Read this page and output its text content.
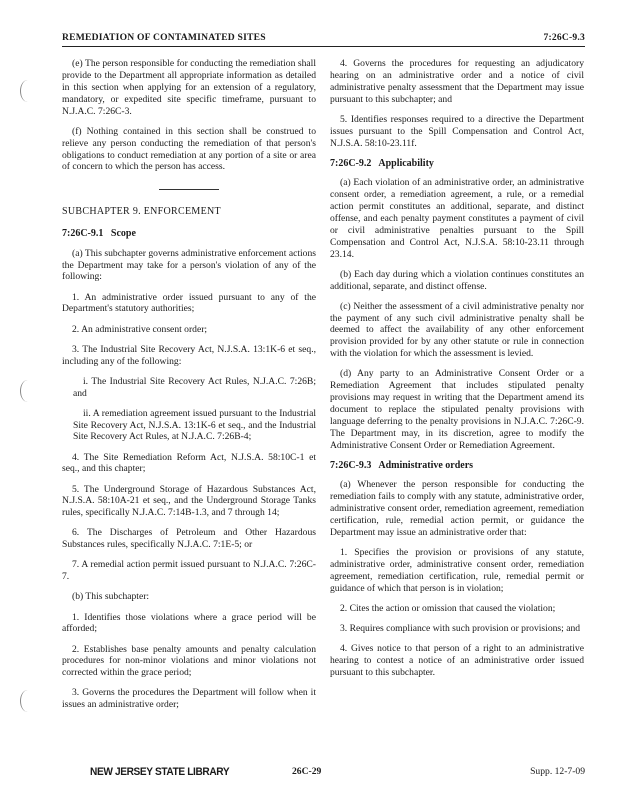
REMEDIATION OF CONTAMINATED SITES	7:26C-9.3

(e) The person responsible for conducting the remediation shall provide to the Department all appropriate information as detailed in this section when applying for an extension of a regulatory, mandatory, or expedited site specific timeframe, pursuant to N.J.A.C. 7:26C-3.

(f) Nothing contained in this section shall be construed to relieve any person conducting the remediation of that person's obligations to conduct remediation at any portion of a site or area of concern to which the person has access.

SUBCHAPTER 9. ENFORCEMENT
7:26C-9.1 Scope

(a) This subchapter governs administrative enforcement actions the Department may take for a person's violation of any of the following:

1. An administrative order issued pursuant to any of the Department's statutory authorities;

2. An administrative consent order;

3. The Industrial Site Recovery Act, N.J.S.A. 13:1K-6 et seq., including any of the following:

i. The Industrial Site Recovery Act Rules, N.J.A.C. 7:26B; and

ii. A remediation agreement issued pursuant to the Industrial Site Recovery Act, N.J.S.A. 13:1K-6 et seq., and the Industrial Site Recovery Act Rules, at N.J.A.C. 7:26B-4;

4. The Site Remediation Reform Act, N.J.S.A. 58:10C-1 et seq., and this chapter;

5. The Underground Storage of Hazardous Substances Act, N.J.S.A. 58:10A-21 et seq., and the Underground Storage Tanks rules, specifically N.J.A.C. 7:14B-1.3, and 7 through 14;

6. The Discharges of Petroleum and Other Hazardous Substances rules, specifically N.J.A.C. 7:1E-5; or

7. A remedial action permit issued pursuant to N.J.A.C. 7:26C-7.

(b) This subchapter:

1. Identifies those violations where a grace period will be afforded;

2. Establishes base penalty amounts and penalty calculation procedures for non-minor violations and minor violations not corrected within the grace period;

3. Governs the procedures the Department will follow when it issues an administrative order;

4. Governs the procedures for requesting an adjudicatory hearing on an administrative order and a notice of civil administrative penalty assessment that the Department may issue pursuant to this subchapter; and

5. Identifies responses required to a directive the Department issues pursuant to the Spill Compensation and Control Act, N.J.S.A. 58:10-23.11f.

7:26C-9.2 Applicability

(a) Each violation of an administrative order, an administrative consent order, a remediation agreement, a rule, or a remedial action permit constitutes an additional, separate, and distinct offense, and each penalty payment constitutes a payment of civil or civil administrative penalties pursuant to the Spill Compensation and Control Act, N.J.S.A. 58:10-23.11 through 23.14.

(b) Each day during which a violation continues constitutes an additional, separate, and distinct offense.

(c) Neither the assessment of a civil administrative penalty nor the payment of any such civil administrative penalty shall be deemed to affect the availability of any other enforcement provision provided for by any other statute or rule in connection with the violation for which the assessment is levied.

(d) Any party to an Administrative Consent Order or a Remediation Agreement that includes stipulated penalty provisions may request in writing that the Department amend its document to replace the stipulated penalty provisions with language deferring to the penalty provisions in N.J.A.C. 7:26C-9. The Department may, in its discretion, agree to modify the Administrative Consent Order or Remediation Agreement.

7:26C-9.3 Administrative orders

(a) Whenever the person responsible for conducting the remediation fails to comply with any statute, administrative order, administrative consent order, remediation agreement, remediation certification, rule, remedial action permit, or guidance the Department may issue an administrative order that:

1. Specifies the provision or provisions of any statute, administrative order, administrative consent order, remediation agreement, remediation certification, rule, remedial permit or guidance of which that person is in violation;

2. Cites the action or omission that caused the violation;

3. Requires compliance with such provision or provisions; and

4. Gives notice to that person of a right to an administrative hearing to contest a notice of an administrative order issued pursuant to this subchapter.

NEW JERSEY STATE LIBRARY	26C-29	Supp. 12-7-09
